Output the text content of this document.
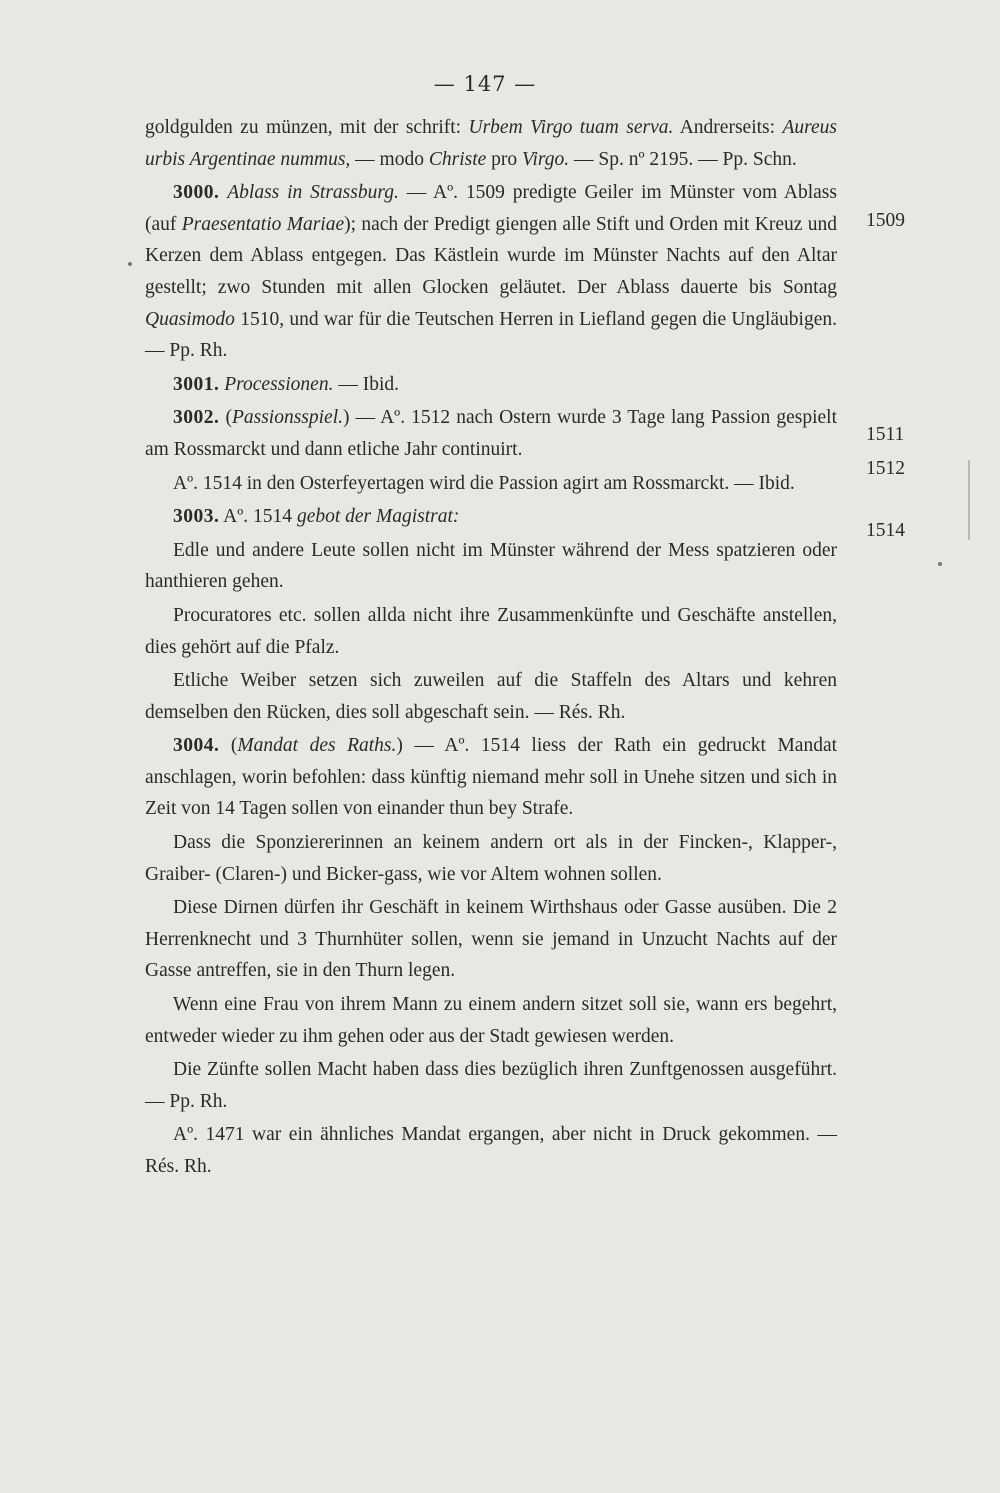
— 147 —
1509
1511
1512
1514

goldgulden zu münzen, mit der schrift: Urbem Virgo tuam serva. Andrerseits: Aureus urbis Argentinae nummus, — modo Christe pro Virgo. — Sp. nº 2195. — Pp. Schn.

3000. Ablass in Strassburg. — Aº. 1509 predigte Geiler im Münster vom Ablass (auf Praesentatio Mariae); nach der Predigt giengen alle Stift und Orden mit Kreuz und Kerzen dem Ablass entgegen. Das Kästlein wurde im Münster Nachts auf den Altar gestellt; zwo Stunden mit allen Glocken geläutet. Der Ablass dauerte bis Sontag Quasimodo 1510, und war für die Teutschen Herren in Liefland gegen die Ungläubigen. — Pp. Rh.

3001. Processionen. — Ibid.

3002. (Passionsspiel.) — Aº. 1512 nach Ostern wurde 3 Tage lang Passion gespielt am Rossmarckt und dann etliche Jahr continuirt.

Aº. 1514 in den Osterfeyertagen wird die Passion agirt am Rossmarckt. — Ibid.

3003. Aº. 1514 gebot der Magistrat:

Edle und andere Leute sollen nicht im Münster während der Mess spatzieren oder hanthieren gehen.

Procuratores etc. sollen allda nicht ihre Zusammenkünfte und Geschäfte anstellen, dies gehört auf die Pfalz.

Etliche Weiber setzen sich zuweilen auf die Staffeln des Altars und kehren demselben den Rücken, dies soll abgeschaft sein. — Rés. Rh.

3004. (Mandat des Raths.) — Aº. 1514 liess der Rath ein gedruckt Mandat anschlagen, worin befohlen: dass künftig niemand mehr soll in Unehe sitzen und sich in Zeit von 14 Tagen sollen von einander thun bey Strafe.

Dass die Sponziererinnen an keinem andern ort als in der Fincken-, Klapper-, Graiber- (Claren-) und Bicker-gass, wie vor Altem wohnen sollen.

Diese Dirnen dürfen ihr Geschäft in keinem Wirthshaus oder Gasse ausüben. Die 2 Herrenknecht und 3 Thurnhüter sollen, wenn sie jemand in Unzucht Nachts auf der Gasse antreffen, sie in den Thurn legen.

Wenn eine Frau von ihrem Mann zu einem andern sitzet soll sie, wann ers begehrt, entweder wieder zu ihm gehen oder aus der Stadt gewiesen werden.

Die Zünfte sollen Macht haben dass dies bezüglich ihren Zunftgenossen ausgeführt. — Pp. Rh.

Aº. 1471 war ein ähnliches Mandat ergangen, aber nicht in Druck gekommen. — Rés. Rh.
